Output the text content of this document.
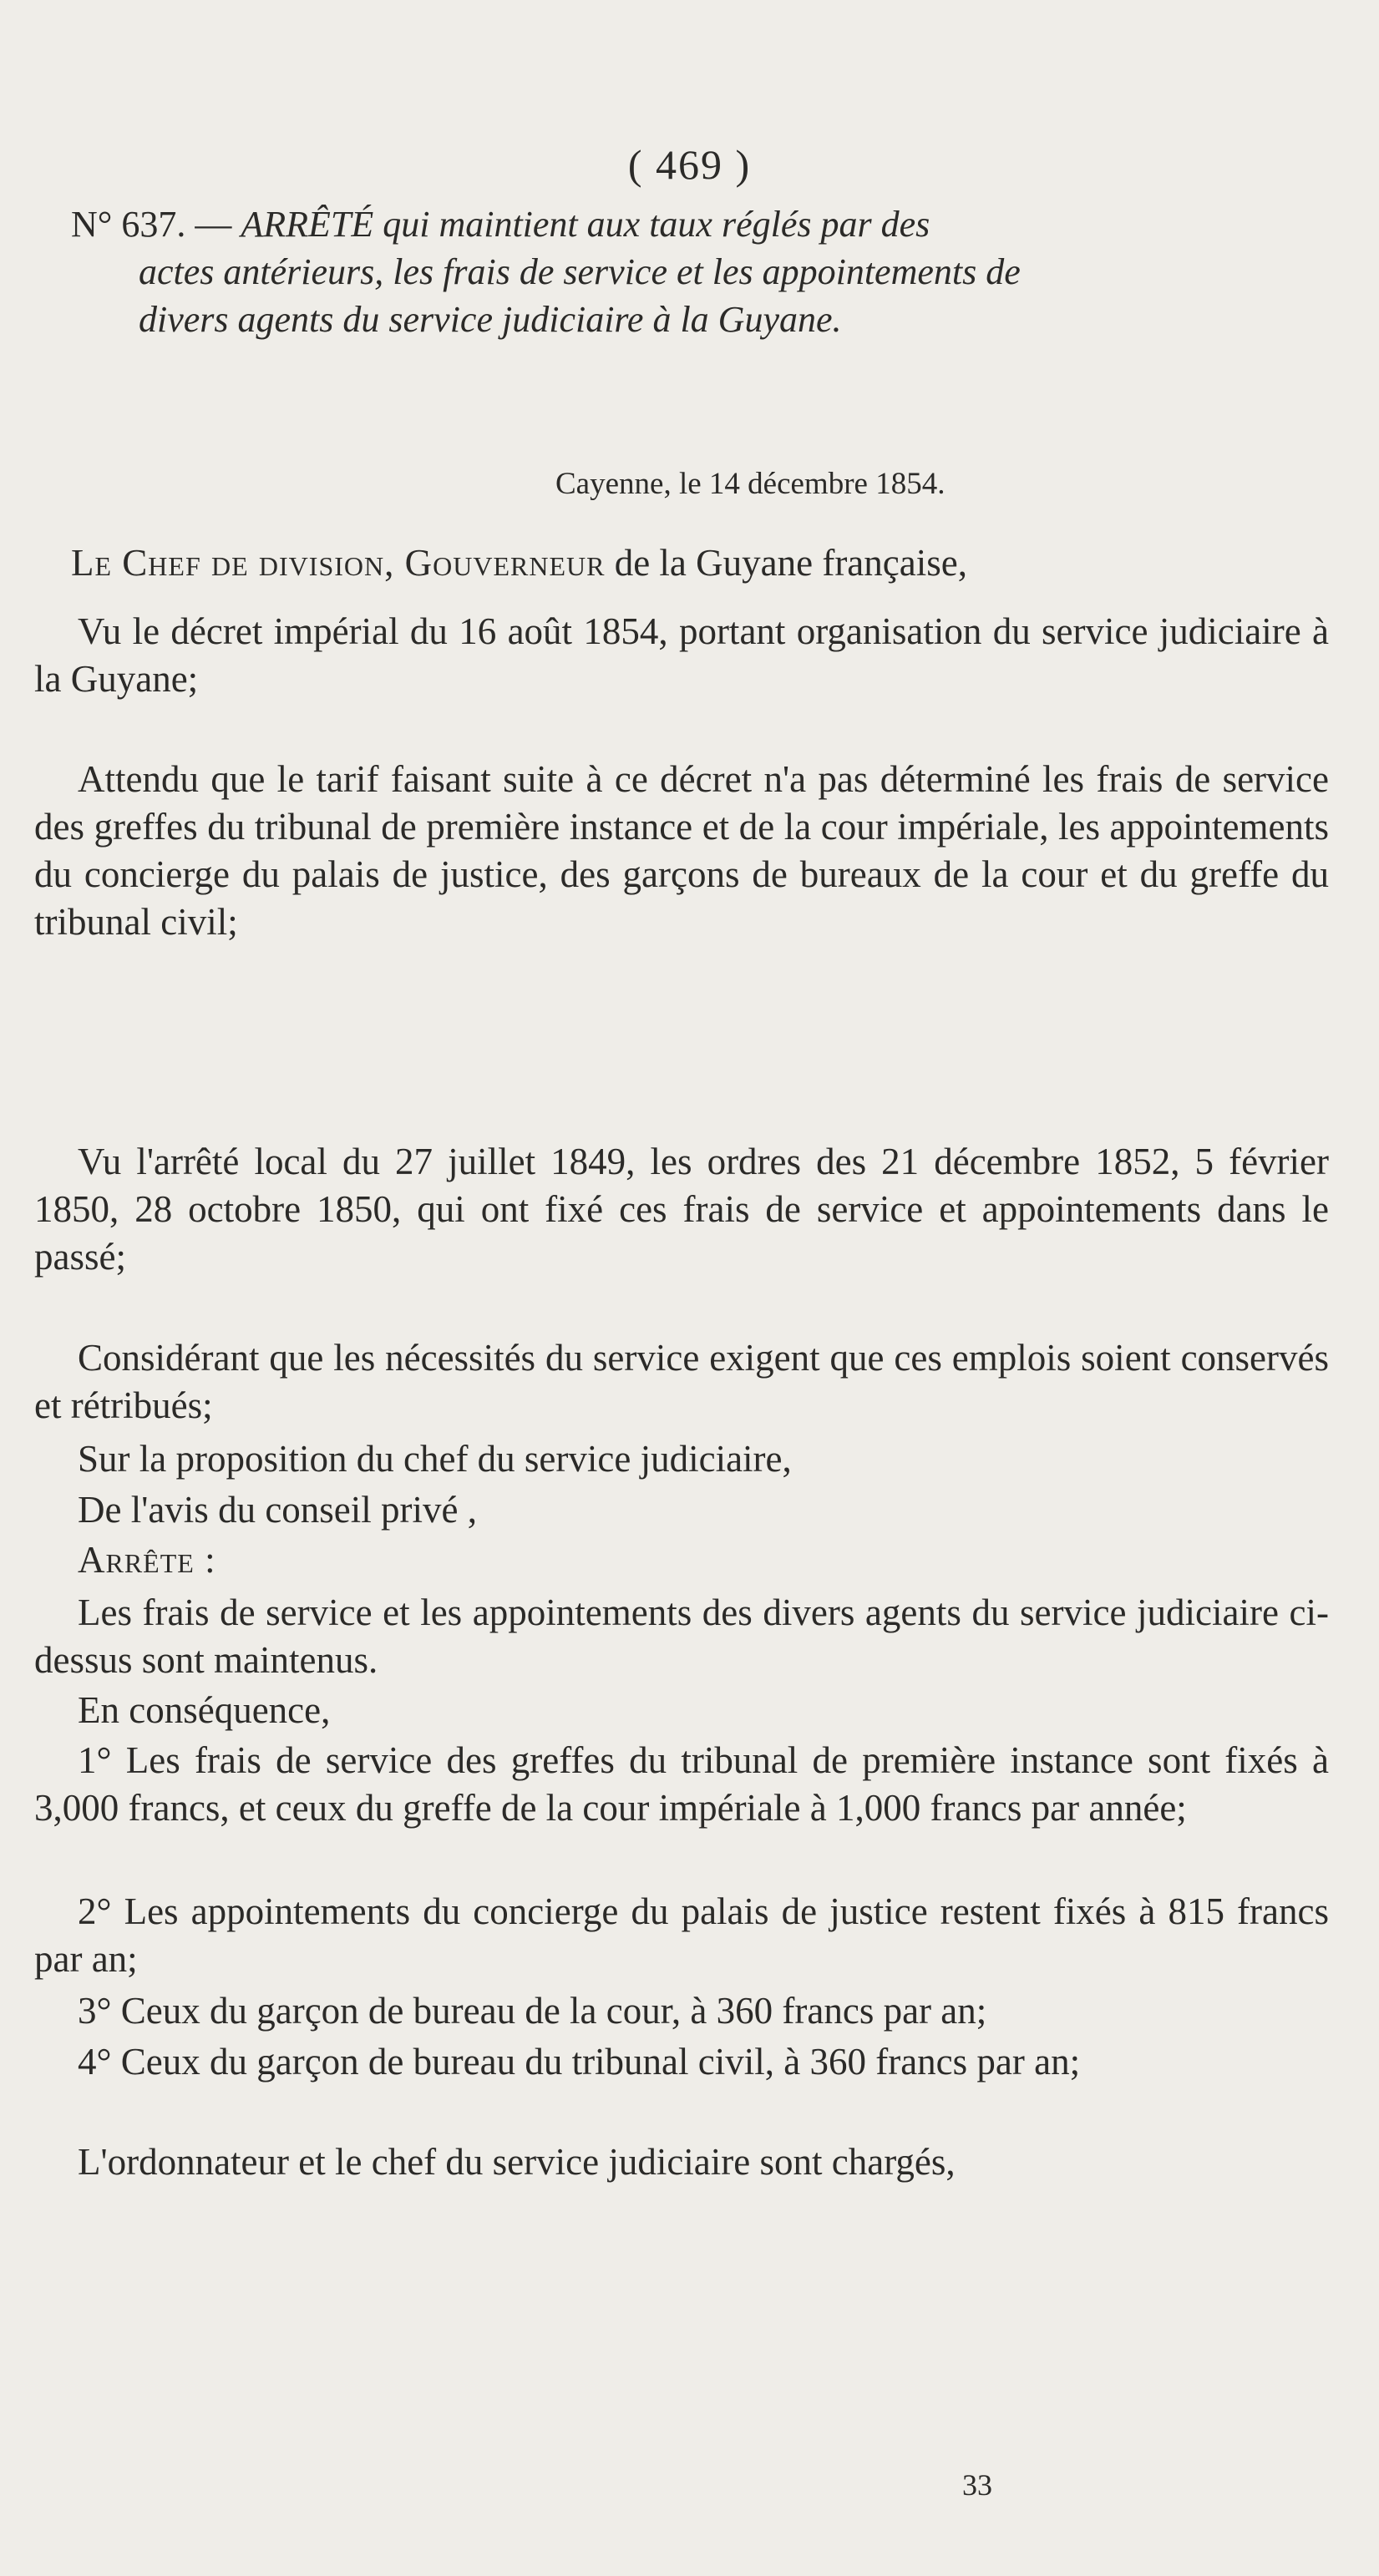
( 469 )
N° 637. — ARRÊTÉ qui maintient aux taux réglés par des
actes antérieurs, les frais de service et les appointements de
divers agents du service judiciaire à la Guyane.
Cayenne, le 14 décembre 1854.
Le Chef de division, Gouverneur de la Guyane française,
Vu le décret impérial du 16 août 1854, portant organisation du service judiciaire à la Guyane;
Attendu que le tarif faisant suite à ce décret n'a pas déterminé les frais de service des greffes du tribunal de première instance et de la cour impériale, les appointements du concierge du palais de justice, des garçons de bureaux de la cour et du greffe du tribunal civil;
Vu l'arrêté local du 27 juillet 1849, les ordres des 21 décembre 1852, 5 février 1850, 28 octobre 1850, qui ont fixé ces frais de service et appointements dans le passé;
Considérant que les nécessités du service exigent que ces emplois soient conservés et rétribués;
Sur la proposition du chef du service judiciaire,
De l'avis du conseil privé ,
Arrête :
Les frais de service et les appointements des divers agents du service judiciaire ci-dessus sont maintenus.
En conséquence,
1° Les frais de service des greffes du tribunal de première instance sont fixés à 3,000 francs, et ceux du greffe de la cour impériale à 1,000 francs par année;
2° Les appointements du concierge du palais de justice restent fixés à 815 francs par an;
3° Ceux du garçon de bureau de la cour, à 360 francs par an;
4° Ceux du garçon de bureau du tribunal civil, à 360 francs par an;
L'ordonnateur et le chef du service judiciaire sont chargés,
33
